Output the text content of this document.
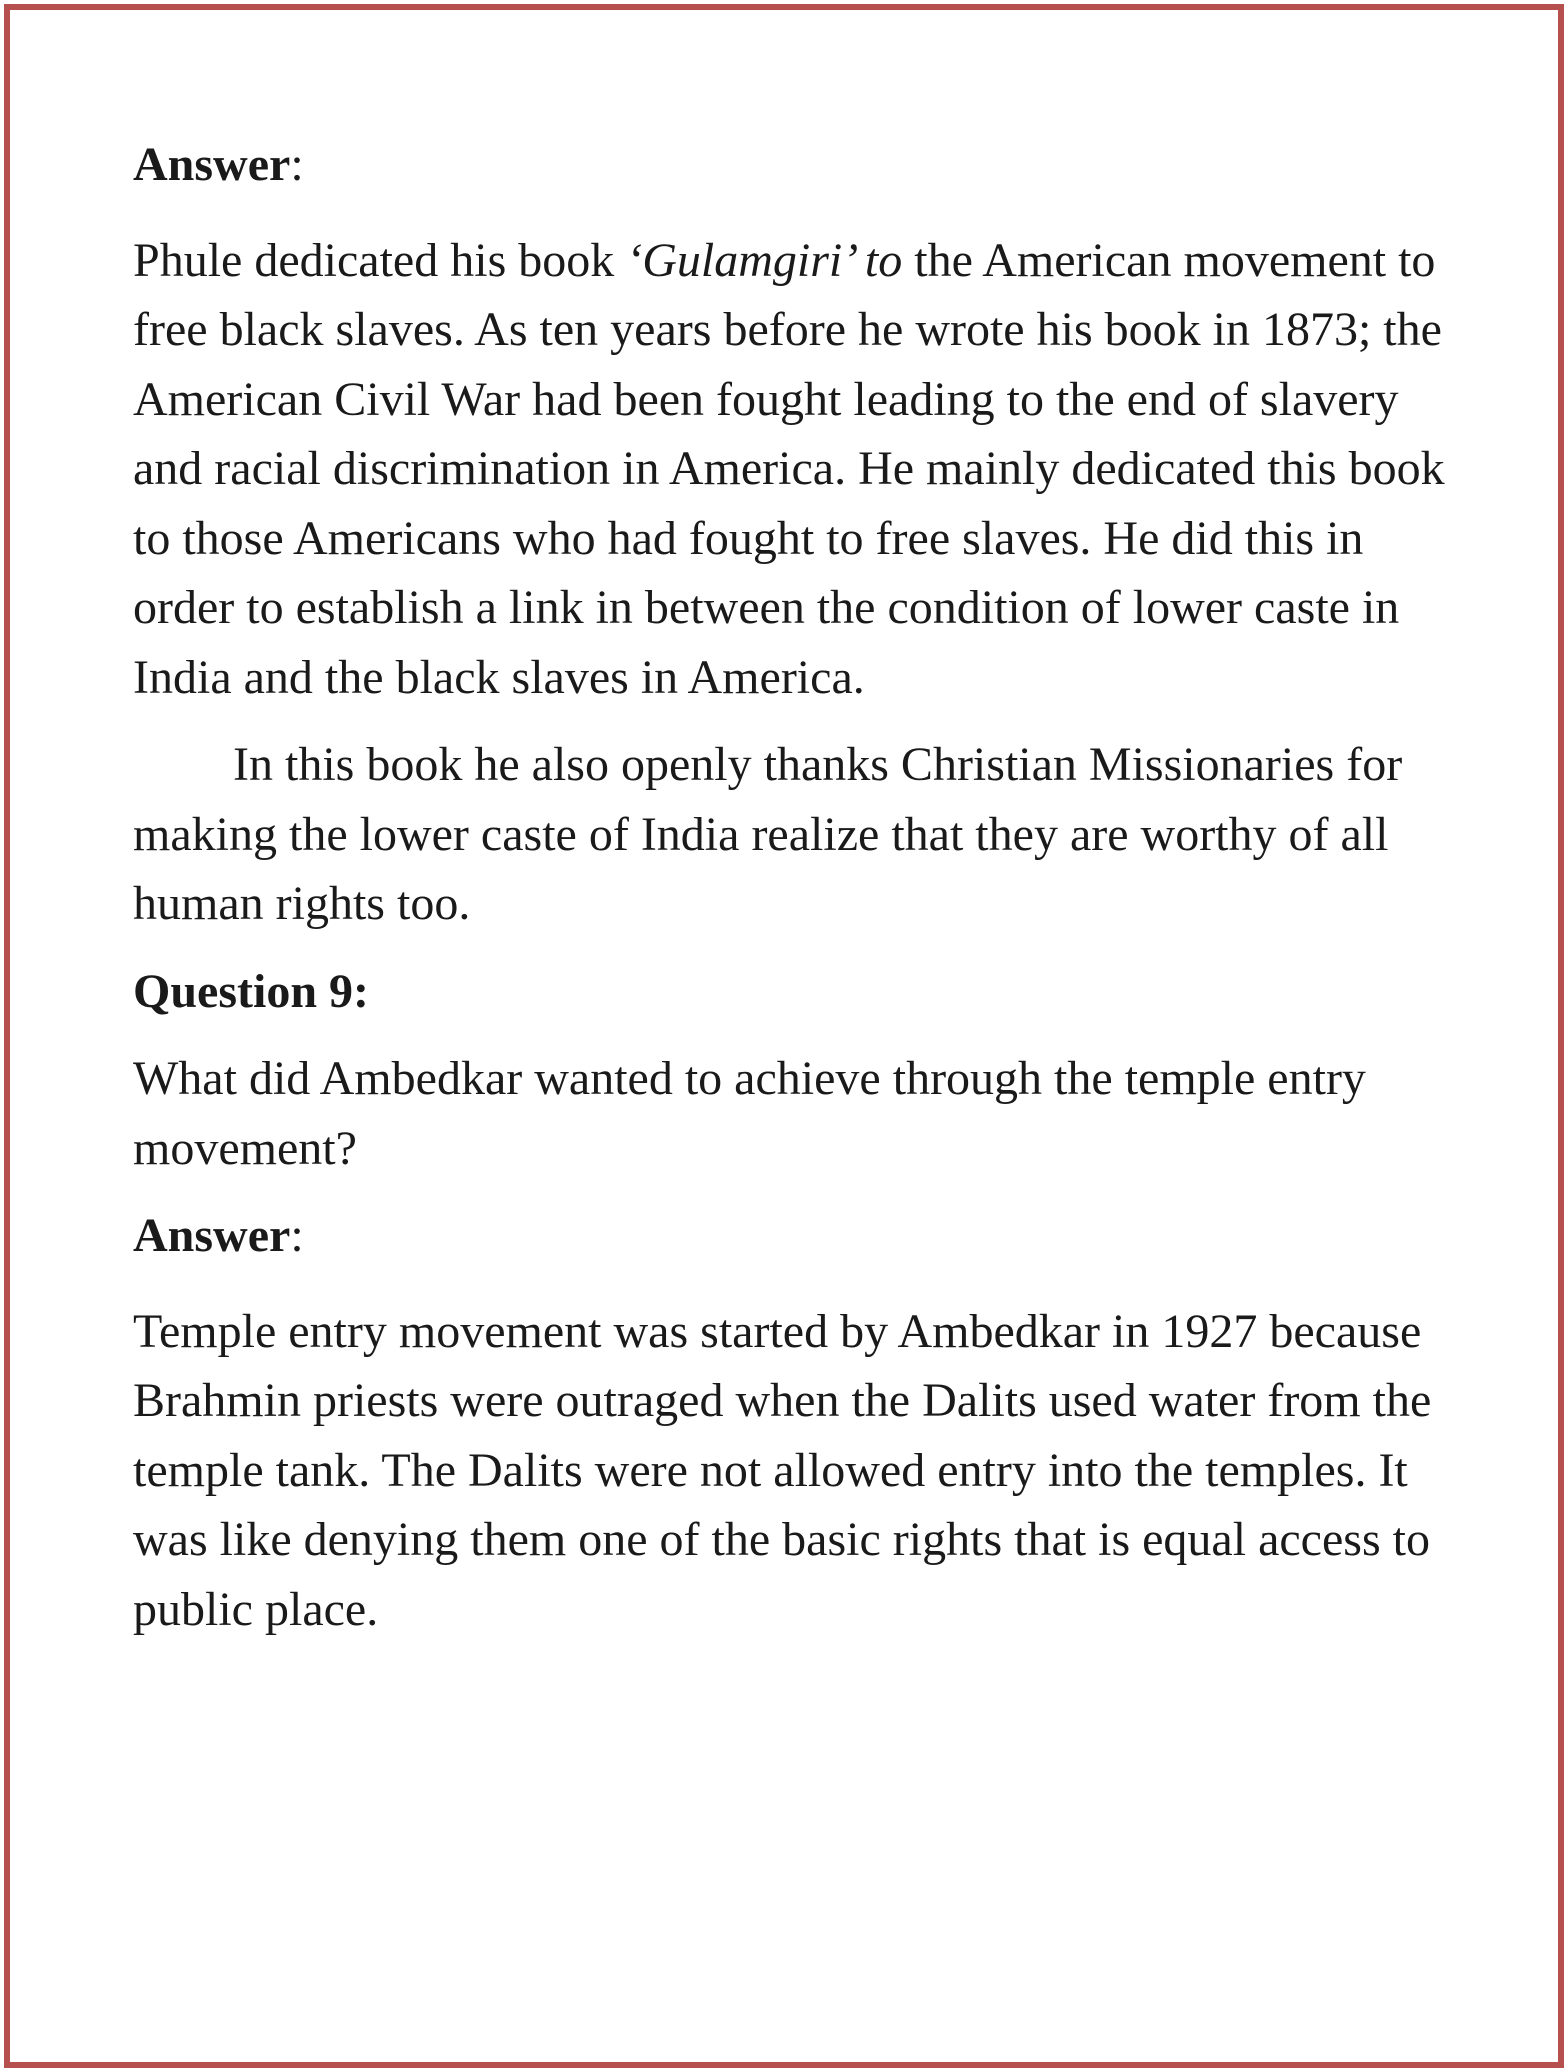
Answer:

Phule dedicated his book ‘Gulamgiri’ to the American movement to free black slaves. As ten years before he wrote his book in 1873; the American Civil War had been fought leading to the end of slavery and racial discrimination in America. He mainly dedicated this book to those Americans who had fought to free slaves. He did this in order to establish a link in between the condition of lower caste in India and the black slaves in America.

In this book he also openly thanks Christian Missionaries for making the lower caste of India realize that they are worthy of all human rights too.

Question 9:

What did Ambedkar wanted to achieve through the temple entry movement?

Answer:

Temple entry movement was started by Ambedkar in 1927 because Brahmin priests were outraged when the Dalits used water from the temple tank. The Dalits were not allowed entry into the temples. It was like denying them one of the basic rights that is equal access to public place.
